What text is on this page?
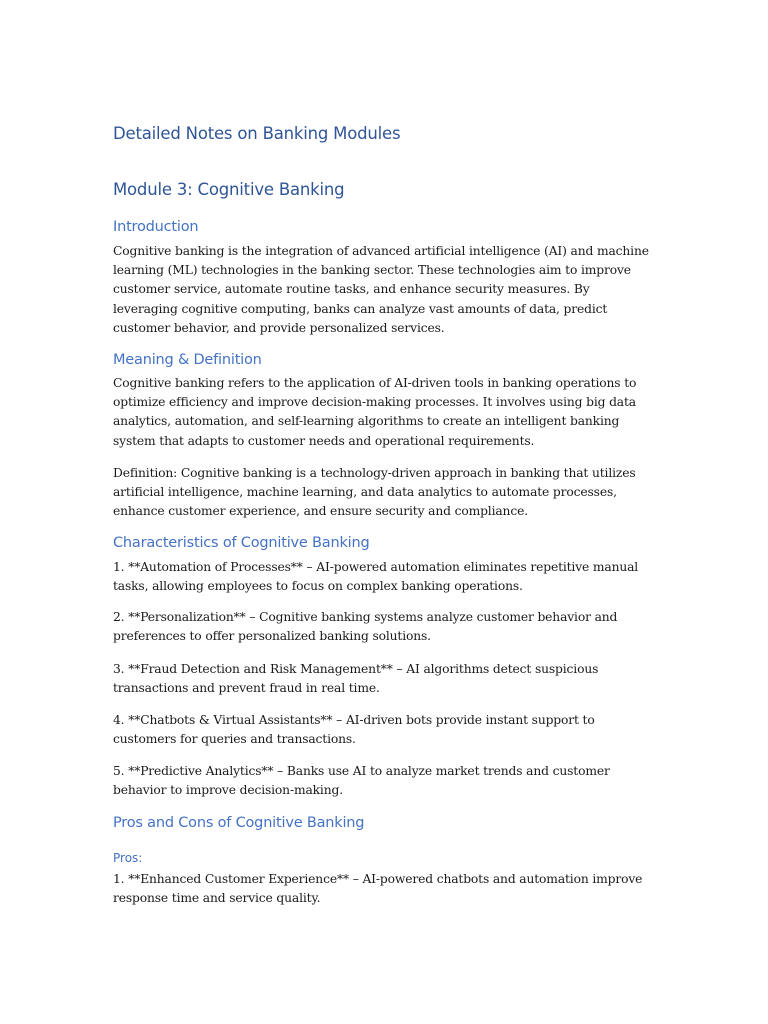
Detailed Notes on Banking Modules
Module 3: Cognitive Banking
Introduction

Cognitive banking is the integration of advanced artificial intelligence (AI) and machine learning (ML) technologies in the banking sector. These technologies aim to improve customer service, automate routine tasks, and enhance security measures. By leveraging cognitive computing, banks can analyze vast amounts of data, predict customer behavior, and provide personalized services.

Meaning & Definition

Cognitive banking refers to the application of AI-driven tools in banking operations to optimize efficiency and improve decision-making processes. It involves using big data analytics, automation, and self-learning algorithms to create an intelligent banking system that adapts to customer needs and operational requirements.

Definition: Cognitive banking is a technology-driven approach in banking that utilizes artificial intelligence, machine learning, and data analytics to automate processes, enhance customer experience, and ensure security and compliance.

Characteristics of Cognitive Banking

1. **Automation of Processes** – AI-powered automation eliminates repetitive manual tasks, allowing employees to focus on complex banking operations.

2. **Personalization** – Cognitive banking systems analyze customer behavior and preferences to offer personalized banking solutions.

3. **Fraud Detection and Risk Management** – AI algorithms detect suspicious transactions and prevent fraud in real time.

4. **Chatbots & Virtual Assistants** – AI-driven bots provide instant support to customers for queries and transactions.

5. **Predictive Analytics** – Banks use AI to analyze market trends and customer behavior to improve decision-making.

Pros and Cons of Cognitive Banking
Pros:

1. **Enhanced Customer Experience** – AI-powered chatbots and automation improve response time and service quality.
